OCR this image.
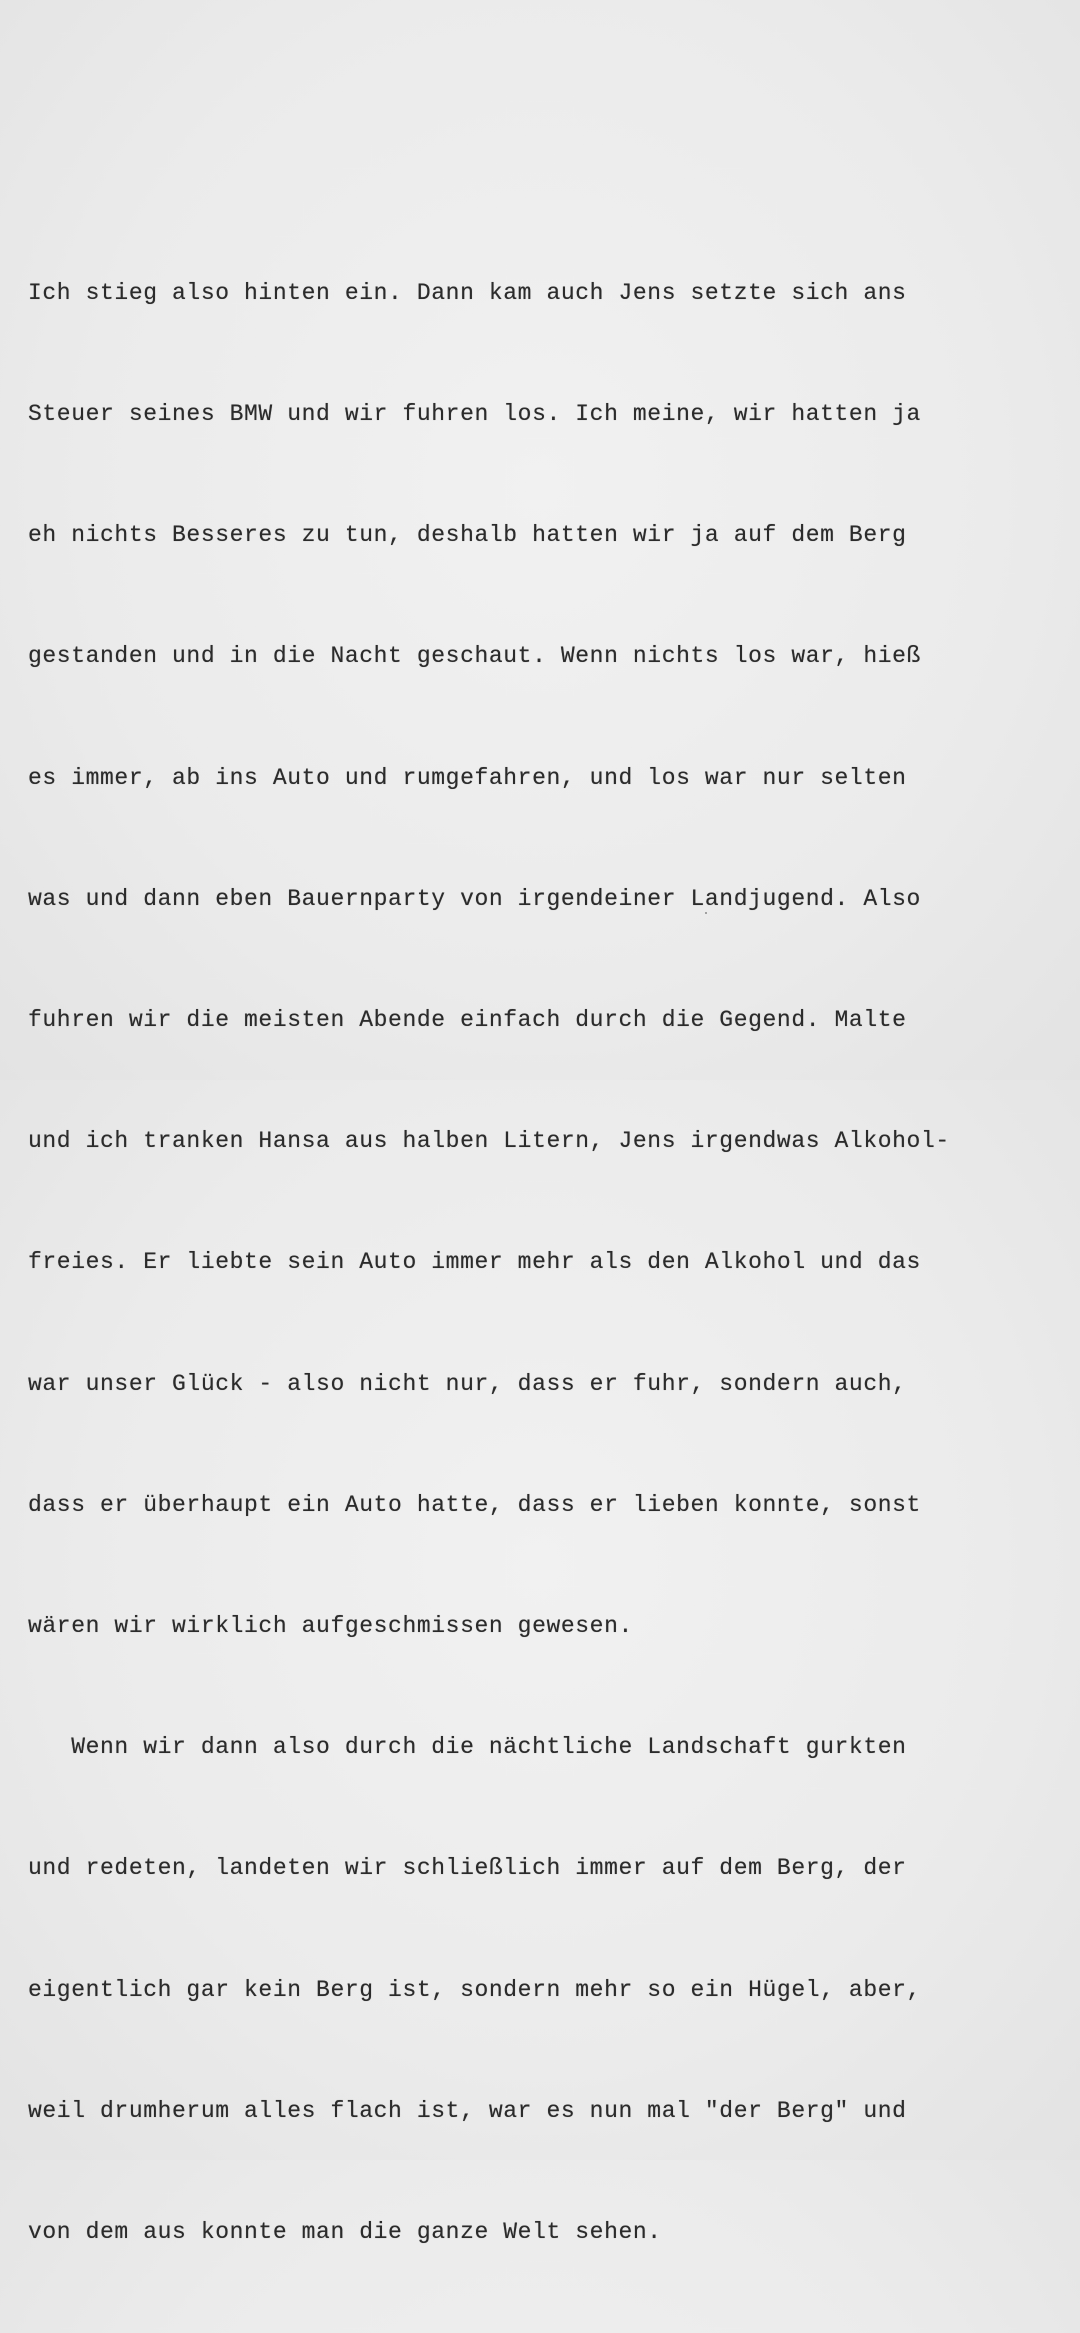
Ich stieg also hinten ein. Dann kam auch Jens setzte sich ans

Steuer seines BMW und wir fuhren los. Ich meine, wir hatten ja

eh nichts Besseres zu tun, deshalb hatten wir ja auf dem Berg

gestanden und in die Nacht geschaut. Wenn nichts los war, hieß

es immer, ab ins Auto und rumgefahren, und los war nur selten

was und dann eben Bauernparty von irgendeiner Landjugend. Also

fuhren wir die meisten Abende einfach durch die Gegend. Malte

und ich tranken Hansa aus halben Litern, Jens irgendwas Alkohol-

freies. Er liebte sein Auto immer mehr als den Alkohol und das

war unser Glück - also nicht nur, dass er fuhr, sondern auch,

dass er überhaupt ein Auto hatte, dass er lieben konnte, sonst

wären wir wirklich aufgeschmissen gewesen.

Wenn wir dann also durch die nächtliche Landschaft gurkten

und redeten, landeten wir schließlich immer auf dem Berg, der

eigentlich gar kein Berg ist, sondern mehr so ein Hügel, aber,

weil drumherum alles flach ist, war es nun mal "der Berg" und

von dem aus konnte man die ganze Welt sehen.
